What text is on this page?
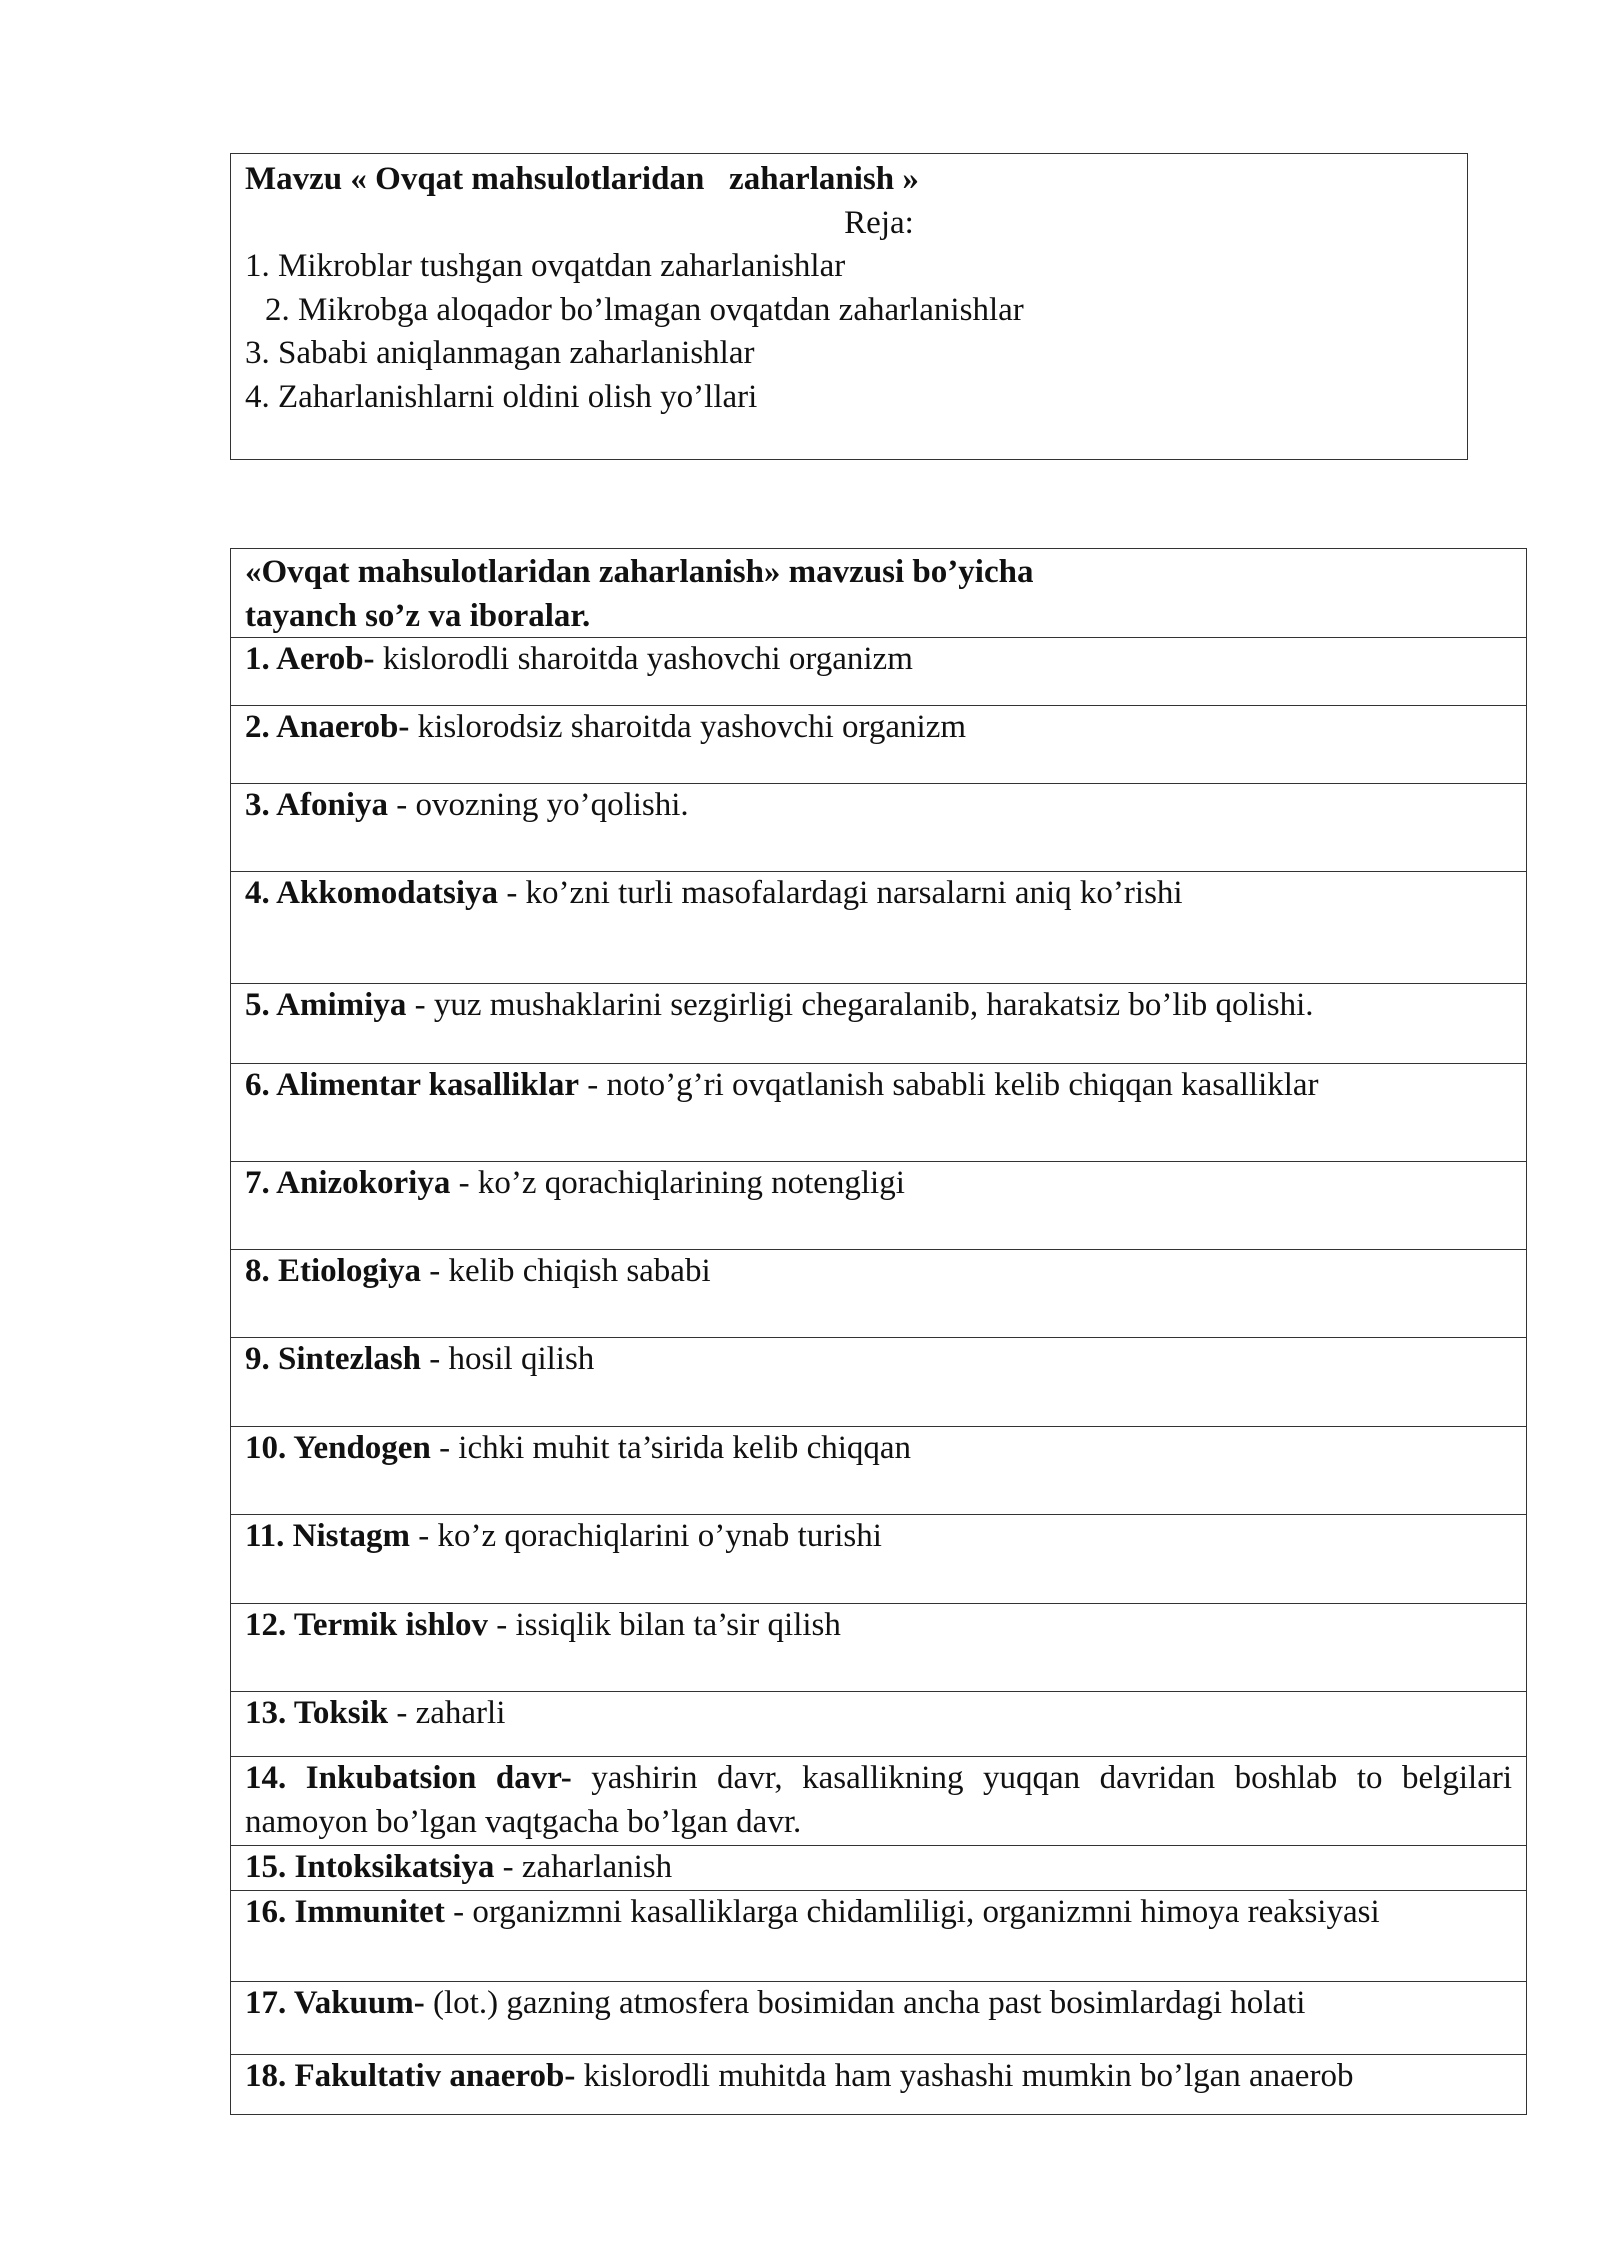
Mavzu « Ovqat mahsulotlaridan   zaharlanish »
Reja:
1. Mikroblar tushgan ovqatdan zaharlanishlar
2. Mikrobga aloqador bo’lmagan ovqatdan zaharlanishlar
3. Sababi aniqlanmagan zaharlanishlar
4. Zaharlanishlarni oldini olish yo’llari
«Ovqat mahsulotlaridan zaharlanish» mavzusi bo’yicha
tayanch so’z va iboralar.
1. Aerob- kislorodli sharoitda yashovchi organizm
2. Anaerob- kislorodsiz sharoitda yashovchi organizm
3. Afoniya - ovozning yo’qolishi.
4. Akkomodatsiya - ko’zni turli masofalardagi narsalarni aniq ko’rishi
5. Amimiya - yuz mushaklarini sezgirligi chegaralanib, harakatsiz bo’lib qolishi.
6. Alimentar kasalliklar - noto’g’ri ovqatlanish sababli kelib chiqqan kasalliklar
7. Anizokoriya - ko’z qorachiqlarining notengligi
8. Etiologiya - kelib chiqish sababi
9. Sintezlash - hosil qilish
10. Yendogen - ichki muhit ta’sirida kelib chiqqan
11. Nistagm - ko’z qorachiqlarini o’ynab turishi
12. Termik ishlov - issiqlik bilan ta’sir qilish
13. Toksik - zaharli
14. Inkubatsion davr- yashirin davr, kasallikning yuqqan davridan boshlab to belgilari namoyon bo’lgan vaqtgacha bo’lgan davr.
15. Intoksikatsiya - zaharlanish
16. Immunitet - organizmni kasalliklarga chidamliligi, organizmni himoya reaksiyasi
17. Vakuum- (lot.) gazning atmosfera bosimidan ancha past bosimlardagi holati
18. Fakultativ anaerob- kislorodli muhitda ham yashashi mumkin bo’lgan anaerob
